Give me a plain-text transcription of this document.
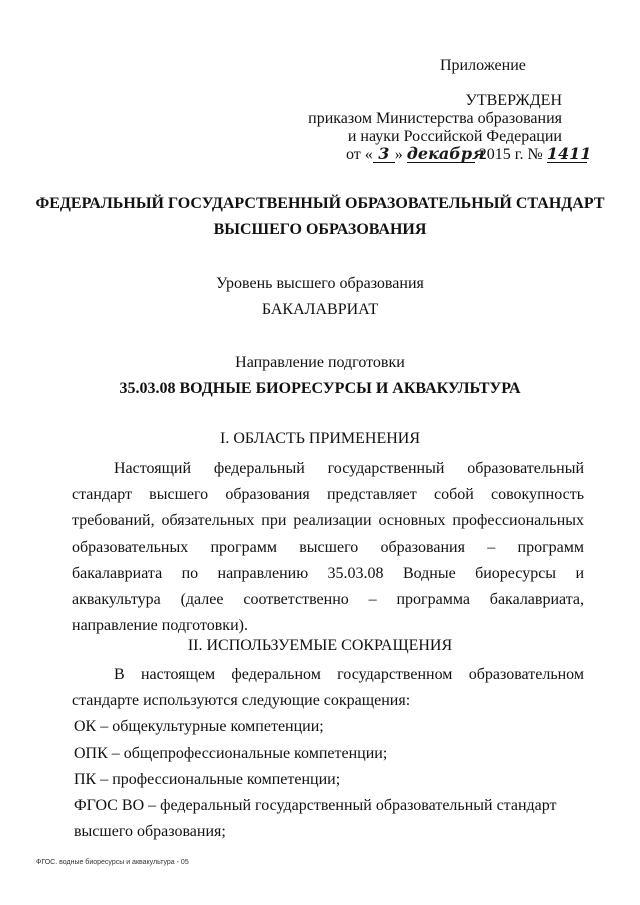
Приложение
УТВЕРЖДЕН
приказом Министерства образования
и науки Российской Федерации
от « 3 » декабря 2015 г. № 1411
ФЕДЕРАЛЬНЫЙ ГОСУДАРСТВЕННЫЙ ОБРАЗОВАТЕЛЬНЫЙ СТАНДАРТ
ВЫСШЕГО ОБРАЗОВАНИЯ
Уровень высшего образования
БАКАЛАВРИАТ
Направление подготовки
35.03.08 ВОДНЫЕ БИОРЕСУРСЫ И АКВАКУЛЬТУРА
I. ОБЛАСТЬ ПРИМЕНЕНИЯ

Настоящий федеральный государственный образовательный стандарт высшего образования представляет собой совокупность требований, обязательных при реализации основных профессиональных образовательных программ высшего образования – программ бакалавриата по направлению 35.03.08 Водные биоресурсы и аквакультура (далее соответственно – программа бакалавриата, направление подготовки).

II. ИСПОЛЬЗУЕМЫЕ СОКРАЩЕНИЯ

В настоящем федеральном государственном образовательном стандарте используются следующие сокращения:

ОК – общекультурные компетенции;
ОПК – общепрофессиональные компетенции;
ПК – профессиональные компетенции;
ФГОС ВО – федеральный государственный образовательный стандарт
высшего образования;
ФГОС. водные биоресурсы и аквакультура - 05
